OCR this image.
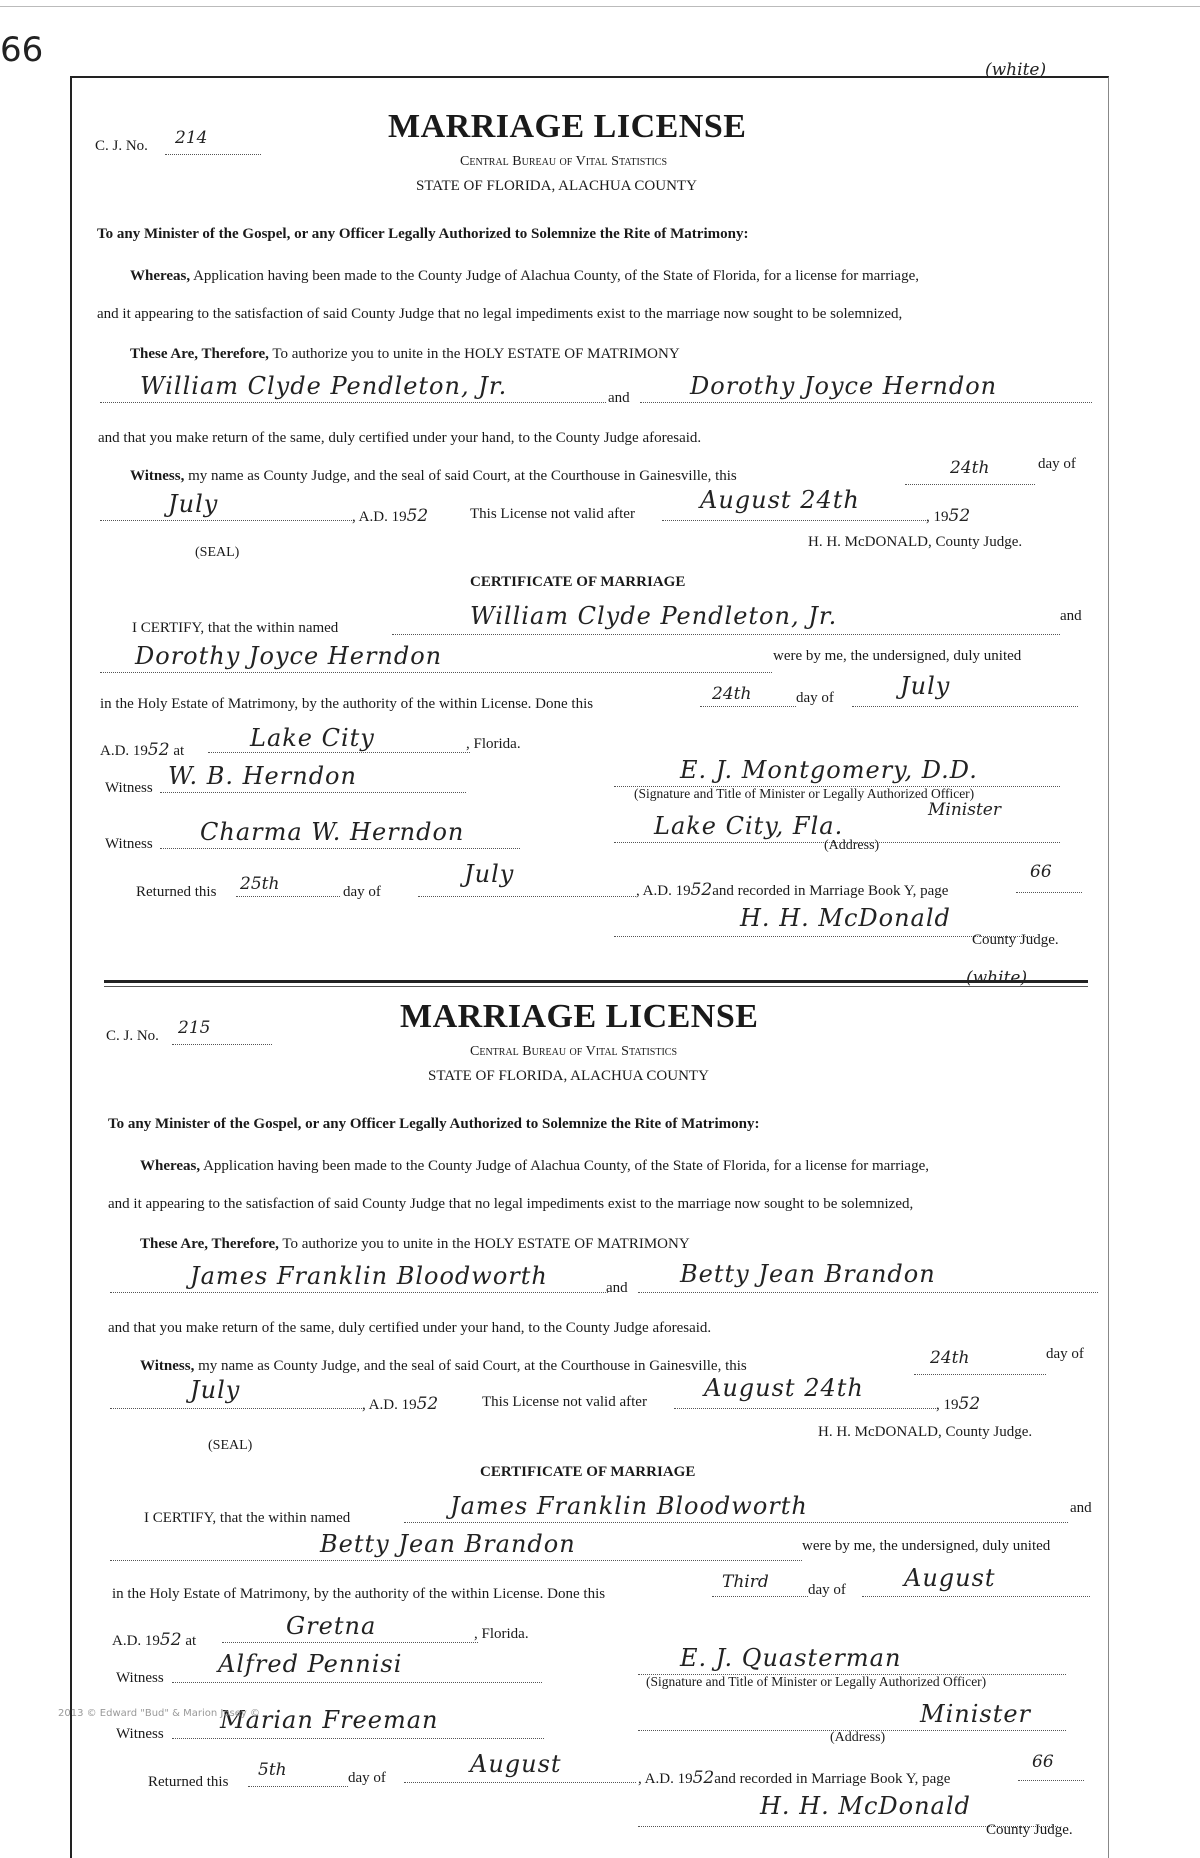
66	(white)
C. J. No. 214	MARRIAGE LICENSE
Central Bureau of Vital Statistics
STATE OF FLORIDA, ALACHUA COUNTY
To any Minister of the Gospel, or any Officer Legally Authorized to Solemnize the Rite of Matrimony:
Whereas, Application having been made to the County Judge of Alachua County, of the State of Florida, for a license for marriage,
and it appearing to the satisfaction of said County Judge that no legal impediments exist to the marriage now sought to be solemnized,
These Are, Therefore, To authorize you to unite in the HOLY ESTATE OF MATRIMONY
William Clyde Pendleton, Jr.	and	Dorothy Joyce Herndon
and that you make return of the same, duly certified under your hand, to the County Judge aforesaid.
Witness, my name as County Judge, and the seal of said Court, at the Courthouse in Gainesville, this	24th	day of
July	, A.D. 1952	This License not valid after	August 24th
, 1952
(SEAL)
H. H. McDONALD, County Judge.
CERTIFICATE OF MARRIAGE
I CERTIFY, that the within named	William Clyde Pendleton, Jr.	and
Dorothy Joyce Herndon	were by me, the undersigned, duly united
in the Holy Estate of Matrimony, by the authority of the within License. Done this	24th	day of	July
A.D. 1952 at	Lake City	, Florida.
Witness W. B. Herndon	E. J. Montgomery, D.D.
(Signature and Title of Minister or Legally Authorized Officer)
Minister
Witness Charma W. Herndon	Lake City, Fla.
(Address)
Returned this 25th	day of
July
, A.D. 1952and recorded in Marriage Book Y, page
66
H. H. McDonald
County Judge.
(white)
C. J. No. 215	MARRIAGE LICENSE
Central Bureau of Vital Statistics
STATE OF FLORIDA, ALACHUA COUNTY
To any Minister of the Gospel, or any Officer Legally Authorized to Solemnize the Rite of Matrimony:
Whereas, Application having been made to the County Judge of Alachua County, of the State of Florida, for a license for marriage,
and it appearing to the satisfaction of said County Judge that no legal impediments exist to the marriage now sought to be solemnized,
These Are, Therefore, To authorize you to unite in the HOLY ESTATE OF MATRIMONY
James Franklin Bloodworth	and Betty Jean Brandon
and that you make return of the same, duly certified under your hand, to the County Judge aforesaid.
Witness, my name as County Judge, and the seal of said Court, at the Courthouse in Gainesville, this	24th	day of
July
, A.D. 1952	This License not valid after August 24th
, 1952
(SEAL)
H. H. McDONALD, County Judge.
CERTIFICATE OF MARRIAGE
I CERTIFY, that the within named	James Franklin Bloodworth	and
Betty Jean Brandon	were by me, the undersigned, duly united
in the Holy Estate of Matrimony, by the authority of the within License. Done this
Third	day of August
A.D. 1952 at
Gretna	, Florida.
Witness Alfred Pennisi	E. J. Quasterman
(Signature and Title of Minister or Legally Authorized Officer)
Witness Marian Freeman	Minister
(Address)
Returned this
5th	day of	August
, A.D. 1952and recorded in Marriage Book Y, page
66
H. H. McDonald
County Judge.
2013 © Edward "Bud" & Marion Josey ©
